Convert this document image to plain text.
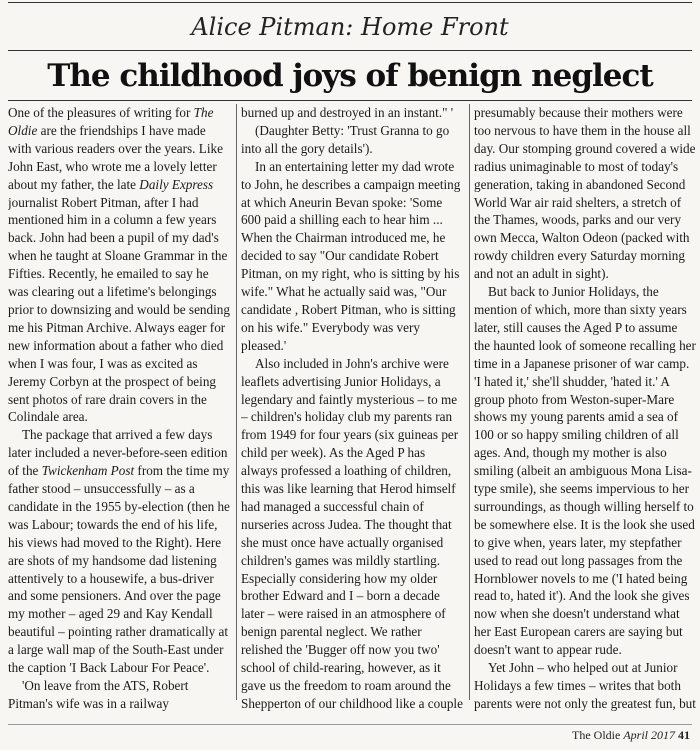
Alice Pitman: Home Front
The childhood joys of benign neglect

One of the pleasures of writing for The Oldie are the friendships I have made with various readers over the years. Like John East, who wrote me a lovely letter about my father, the late Daily Express journalist Robert Pitman, after I had mentioned him in a column a few years back. John had been a pupil of my dad's when he taught at Sloane Grammar in the Fifties. Recently, he emailed to say he was clearing out a lifetime's belongings prior to downsizing and would be sending me his Pitman Archive. Always eager for new information about a father who died when I was four, I was as excited as Jeremy Corbyn at the prospect of being sent photos of rare drain covers in the Colindale area.

The package that arrived a few days later included a never-before-seen edition of the Twickenham Post from the time my father stood – unsuccessfully – as a candidate in the 1955 by-election (then he was Labour; towards the end of his life, his views had moved to the Right). Here are shots of my handsome dad listening attentively to a housewife, a bus-driver and some pensioners. And over the page my mother – aged 29 and Kay Kendall beautiful – pointing rather dramatically at a large wall map of the South-East under the caption 'I Back Labour For Peace'.

'On leave from the ATS, Robert Pitman's wife was in a railway

burned up and destroyed in an instant." '

(Daughter Betty: 'Trust Granna to go into all the gory details').

In an entertaining letter my dad wrote to John, he describes a campaign meeting at which Aneurin Bevan spoke: 'Some 600 paid a shilling each to hear him ... When the Chairman introduced me, he decided to say "Our candidate Robert Pitman, on my right, who is sitting by his wife." What he actually said was, "Our candidate , Robert Pitman, who is sitting on his wife." Everybody was very pleased.'

Also included in John's archive were leaflets advertising Junior Holidays, a legendary and faintly mysterious – to me – children's holiday club my parents ran from 1949 for four years (six guineas per child per week). As the Aged P has always professed a loathing of children, this was like learning that Herod himself had managed a successful chain of nurseries across Judea. The thought that she must once have actually organised children's games was mildly startling. Especially considering how my older brother Edward and I – born a decade later – were raised in an atmosphere of benign parental neglect. We rather relished the 'Bugger off now you two' school of child-rearing, however, as it gave us the freedom to roam around the Shepperton of our childhood like a couple

presumably because their mothers were too nervous to have them in the house all day. Our stomping ground covered a wide radius unimaginable to most of today's generation, taking in abandoned Second World War air raid shelters, a stretch of the Thames, woods, parks and our very own Mecca, Walton Odeon (packed with rowdy children every Saturday morning and not an adult in sight).

But back to Junior Holidays, the mention of which, more than sixty years later, still causes the Aged P to assume the haunted look of someone recalling her time in a Japanese prisoner of war camp. 'I hated it,' she'll shudder, 'hated it.' A group photo from Weston-super-Mare shows my young parents amid a sea of 100 or so happy smiling children of all ages. And, though my mother is also smiling (albeit an ambiguous Mona Lisa-type smile), she seems impervious to her surroundings, as though willing herself to be somewhere else. It is the look she used to give when, years later, my stepfather used to read out long passages from the Hornblower novels to me ('I hated being read to, hated it'). And the look she gives now when she doesn't understand what her East European carers are saying but doesn't want to appear rude.

Yet John – who helped out at Junior Holidays a few times – writes that both parents were not only the greatest fun, but

The Oldie April 2017 41
